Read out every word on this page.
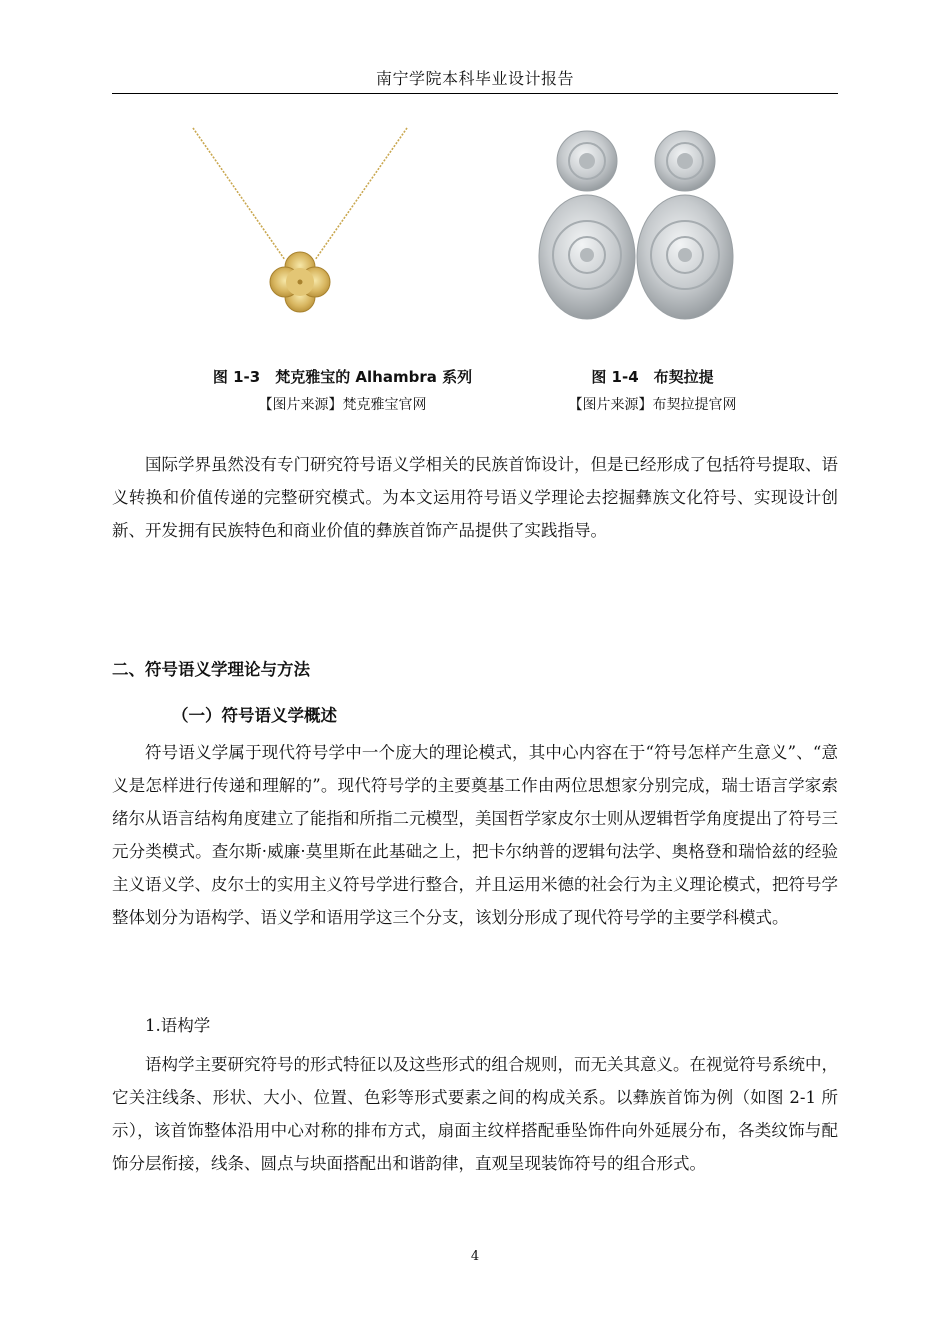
南宁学院本科毕业设计报告
图 1-3　梵克雅宝的 Alhambra 系列
【图片来源】梵克雅宝官网
图 1-4　布契拉提
【图片来源】布契拉提官网

国际学界虽然没有专门研究符号语义学相关的民族首饰设计，但是已经形成了包括符号提取、语义转换和价值传递的完整研究模式。为本文运用符号语义学理论去挖掘彝族文化符号、实现设计创新、开发拥有民族特色和商业价值的彝族首饰产品提供了实践指导。

二、符号语义学理论与方法
（一）符号语义学概述

符号语义学属于现代符号学中一个庞大的理论模式，其中心内容在于“符号怎样产生意义”、“意义是怎样进行传递和理解的”。现代符号学的主要奠基工作由两位思想家分别完成，瑞士语言学家索绪尔从语言结构角度建立了能指和所指二元模型，美国哲学家皮尔士则从逻辑哲学角度提出了符号三元分类模式。查尔斯·威廉·莫里斯在此基础之上，把卡尔纳普的逻辑句法学、奥格登和瑞恰兹的经验主义语义学、皮尔士的实用主义符号学进行整合，并且运用米德的社会行为主义理论模式，把符号学整体划分为语构学、语义学和语用学这三个分支，该划分形成了现代符号学的主要学科模式。

1.语构学

语构学主要研究符号的形式特征以及这些形式的组合规则，而无关其意义。在视觉符号系统中，它关注线条、形状、大小、位置、色彩等形式要素之间的构成关系。以彝族首饰为例（如图 2-1 所示），该首饰整体沿用中心对称的排布方式，扇面主纹样搭配垂坠饰件向外延展分布，各类纹饰与配饰分层衔接，线条、圆点与块面搭配出和谐韵律，直观呈现装饰符号的组合形式。

4
